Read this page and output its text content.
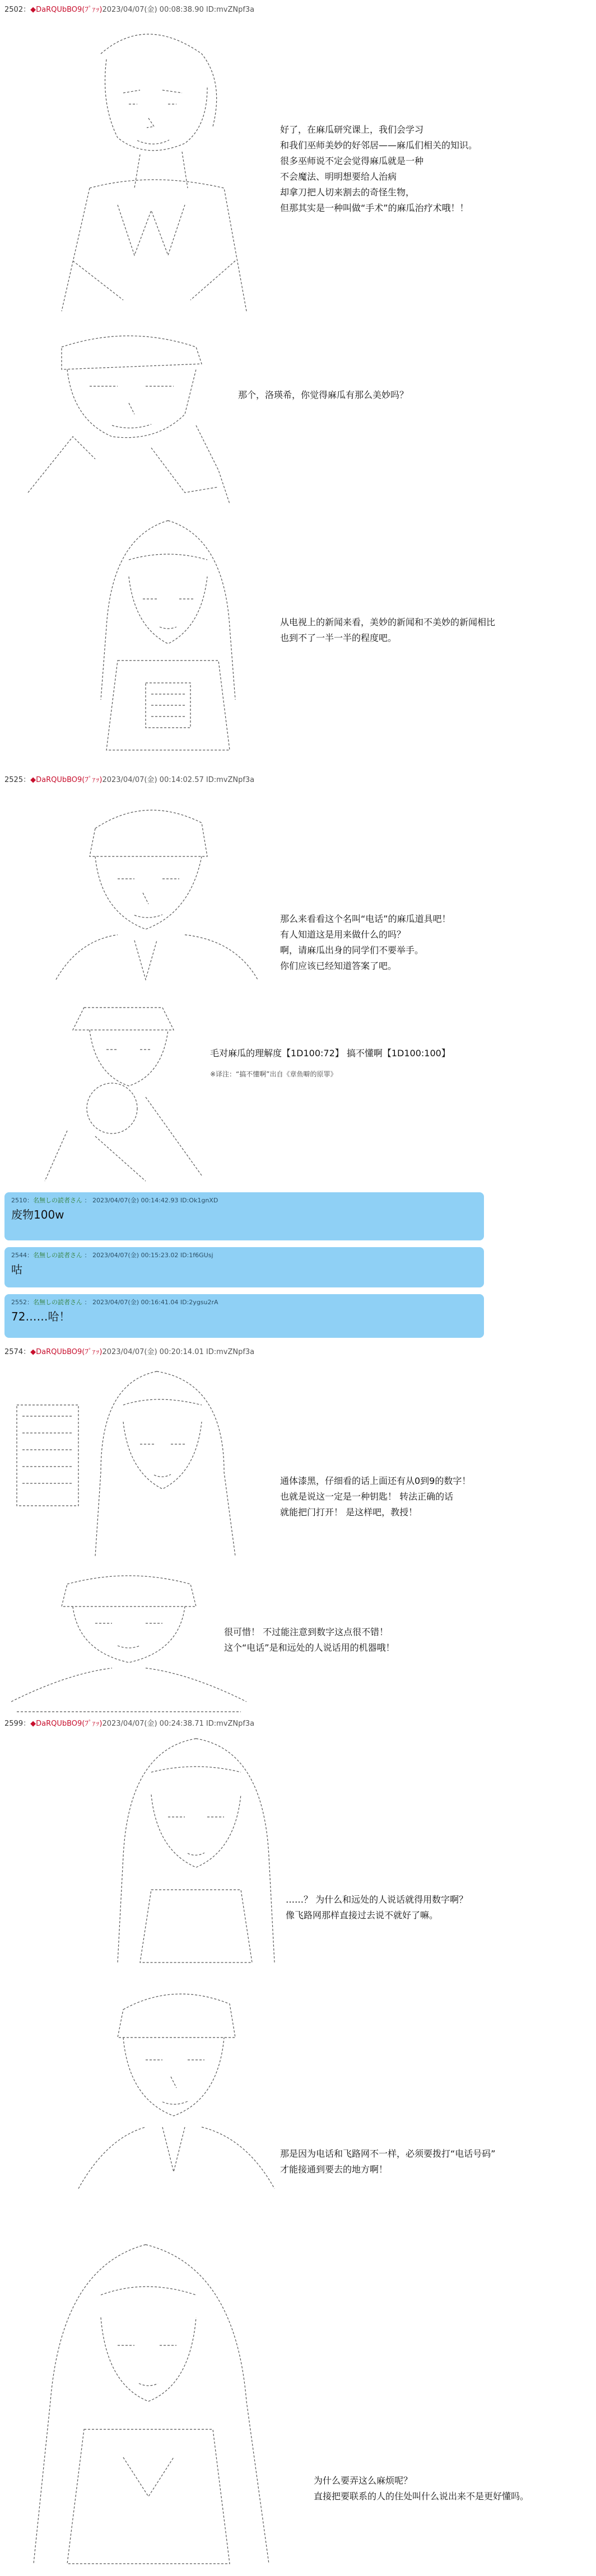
2502：◆DaRQUbBO9(ﾌﾟｧｯ)2023/04/07(金) 00:08:38.90 ID:mvZNpf3a

好了，在麻瓜研究课上，我们会学习
和我们巫师美妙的好邻居——麻瓜们相关的知识。
很多巫师说不定会觉得麻瓜就是一种
不会魔法、明明想要给人治病
却拿刀把人切来割去的奇怪生物，
但那其实是一种叫做“手术”的麻瓜治疗术哦！！

那个，洛瑛希，你觉得麻瓜有那么美妙吗？

从电视上的新闻来看，美妙的新闻和不美妙的新闻相比
也到不了一半一半的程度吧。
2525：◆DaRQUbBO9(ﾌﾟｧｯ)2023/04/07(金) 00:14:02.57 ID:mvZNpf3a

那么来看看这个名叫“电话”的麻瓜道具吧！
有人知道这是用来做什么的吗？
啊，请麻瓜出身的同学们不要举手。
你们应该已经知道答案了吧。

毛对麻瓜的理解度【1D100:72】 搞不懂啊【1D100:100】
※译注：“搞不懂啊”出自《章鱼噼的原罪》
2510：名無しの読者さん ： 2023/04/07(金) 00:14:42.93 ID:Ok1gnXD
废物100w
2544：名無しの読者さん ： 2023/04/07(金) 00:15:23.02 ID:1f6GUsj
咕
2552：名無しの読者さん ： 2023/04/07(金) 00:16:41.04 ID:2ygsu2rA
72……哈！
2574：◆DaRQUbBO9(ﾌﾟｧｯ)2023/04/07(金) 00:20:14.01 ID:mvZNpf3a

通体漆黑，仔细看的话上面还有从0到9的数字！
也就是说这一定是一种钥匙！ 转法正确的话
就能把门打开！ 是这样吧，教授！

很可惜！ 不过能注意到数字这点很不错！
这个“电话”是和远处的人说话用的机器哦！
2599：◆DaRQUbBO9(ﾌﾟｧｯ)2023/04/07(金) 00:24:38.71 ID:mvZNpf3a

……？ 为什么和远处的人说话就得用数字啊？
像飞路网那样直接过去说不就好了嘛。

那是因为电话和飞路网不一样，必须要拨打“电话号码”
才能接通到要去的地方啊！

为什么要弄这么麻烦呢？
直接把要联系的人的住处叫什么说出来不是更好懂吗。
